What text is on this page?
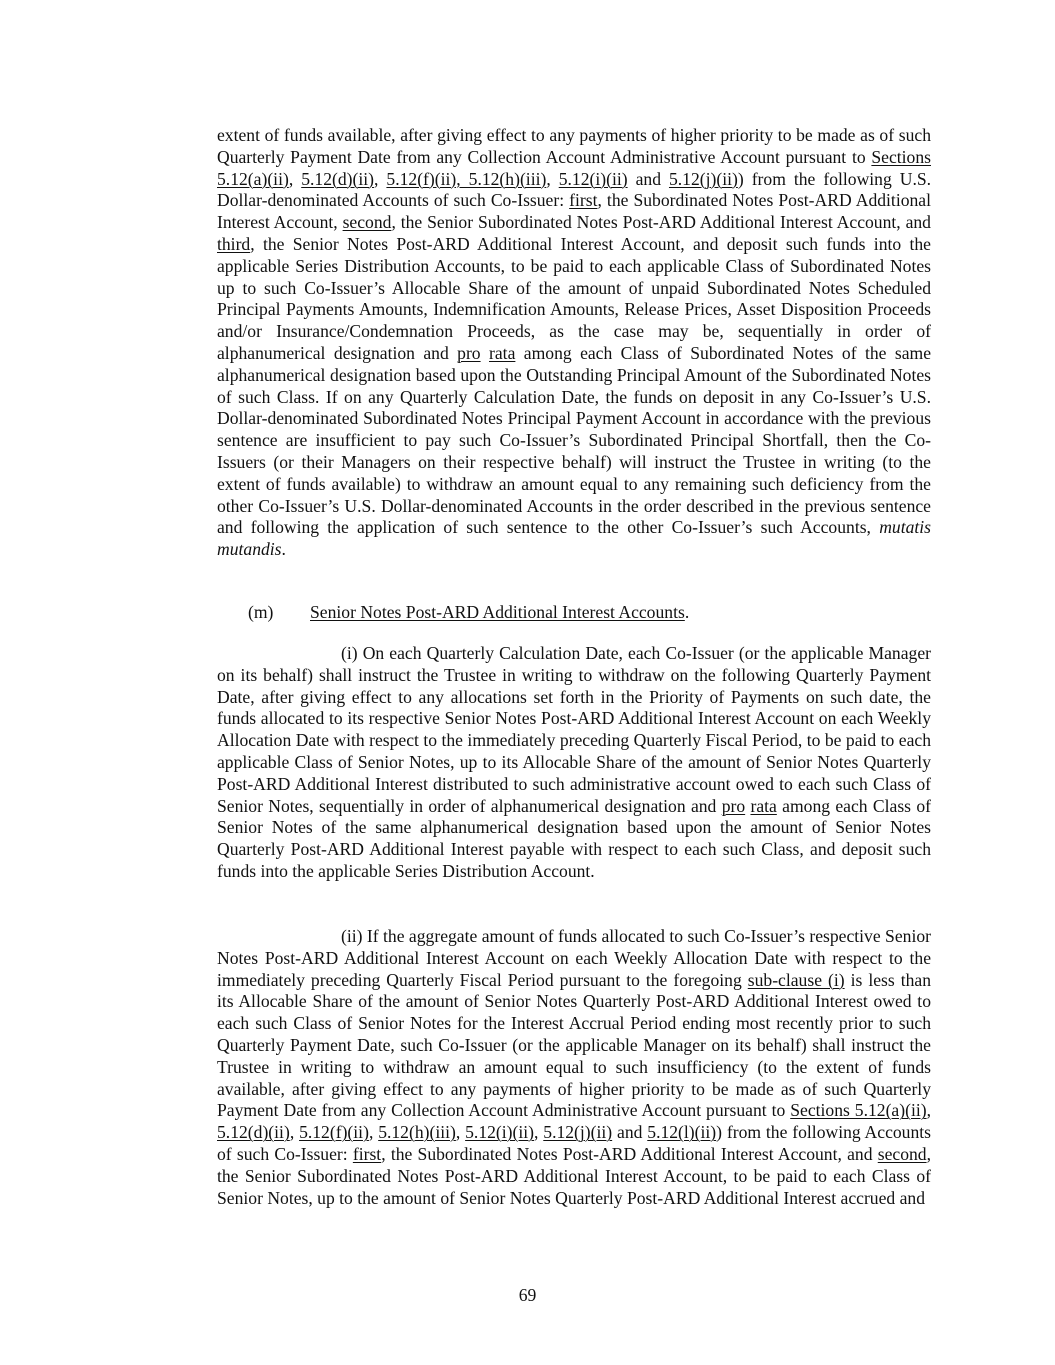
extent of funds available, after giving effect to any payments of higher priority to be made as of such Quarterly Payment Date from any Collection Account Administrative Account pursuant to Sections 5.12(a)(ii), 5.12(d)(ii), 5.12(f)(ii), 5.12(h)(iii), 5.12(i)(ii) and 5.12(j)(ii)) from the following U.S. Dollar-denominated Accounts of such Co-Issuer: first, the Subordinated Notes Post-ARD Additional Interest Account, second, the Senior Subordinated Notes Post-ARD Additional Interest Account, and third, the Senior Notes Post-ARD Additional Interest Account, and deposit such funds into the applicable Series Distribution Accounts, to be paid to each applicable Class of Subordinated Notes up to such Co-Issuer’s Allocable Share of the amount of unpaid Subordinated Notes Scheduled Principal Payments Amounts, Indemnification Amounts, Release Prices, Asset Disposition Proceeds and/or Insurance/Condemnation Proceeds, as the case may be, sequentially in order of alphanumerical designation and pro rata among each Class of Subordinated Notes of the same alphanumerical designation based upon the Outstanding Principal Amount of the Subordinated Notes of such Class. If on any Quarterly Calculation Date, the funds on deposit in any Co-Issuer’s U.S. Dollar-denominated Subordinated Notes Principal Payment Account in accordance with the previous sentence are insufficient to pay such Co-Issuer’s Subordinated Principal Shortfall, then the Co-Issuers (or their Managers on their respective behalf) will instruct the Trustee in writing (to the extent of funds available) to withdraw an amount equal to any remaining such deficiency from the other Co-Issuer’s U.S. Dollar-denominated Accounts in the order described in the previous sentence and following the application of such sentence to the other Co-Issuer’s such Accounts, mutatis mutandis.
(m) Senior Notes Post-ARD Additional Interest Accounts.
(i) On each Quarterly Calculation Date, each Co-Issuer (or the applicable Manager on its behalf) shall instruct the Trustee in writing to withdraw on the following Quarterly Payment Date, after giving effect to any allocations set forth in the Priority of Payments on such date, the funds allocated to its respective Senior Notes Post-ARD Additional Interest Account on each Weekly Allocation Date with respect to the immediately preceding Quarterly Fiscal Period, to be paid to each applicable Class of Senior Notes, up to its Allocable Share of the amount of Senior Notes Quarterly Post-ARD Additional Interest distributed to such administrative account owed to each such Class of Senior Notes, sequentially in order of alphanumerical designation and pro rata among each Class of Senior Notes of the same alphanumerical designation based upon the amount of Senior Notes Quarterly Post-ARD Additional Interest payable with respect to each such Class, and deposit such funds into the applicable Series Distribution Account.
(ii) If the aggregate amount of funds allocated to such Co-Issuer’s respective Senior Notes Post-ARD Additional Interest Account on each Weekly Allocation Date with respect to the immediately preceding Quarterly Fiscal Period pursuant to the foregoing sub-clause (i) is less than its Allocable Share of the amount of Senior Notes Quarterly Post-ARD Additional Interest owed to each such Class of Senior Notes for the Interest Accrual Period ending most recently prior to such Quarterly Payment Date, such Co-Issuer (or the applicable Manager on its behalf) shall instruct the Trustee in writing to withdraw an amount equal to such insufficiency (to the extent of funds available, after giving effect to any payments of higher priority to be made as of such Quarterly Payment Date from any Collection Account Administrative Account pursuant to Sections 5.12(a)(ii), 5.12(d)(ii), 5.12(f)(ii), 5.12(h)(iii), 5.12(i)(ii), 5.12(j)(ii) and 5.12(l)(ii)) from the following Accounts of such Co-Issuer: first, the Subordinated Notes Post-ARD Additional Interest Account, and second, the Senior Subordinated Notes Post-ARD Additional Interest Account, to be paid to each Class of Senior Notes, up to the amount of Senior Notes Quarterly Post-ARD Additional Interest accrued and
69
